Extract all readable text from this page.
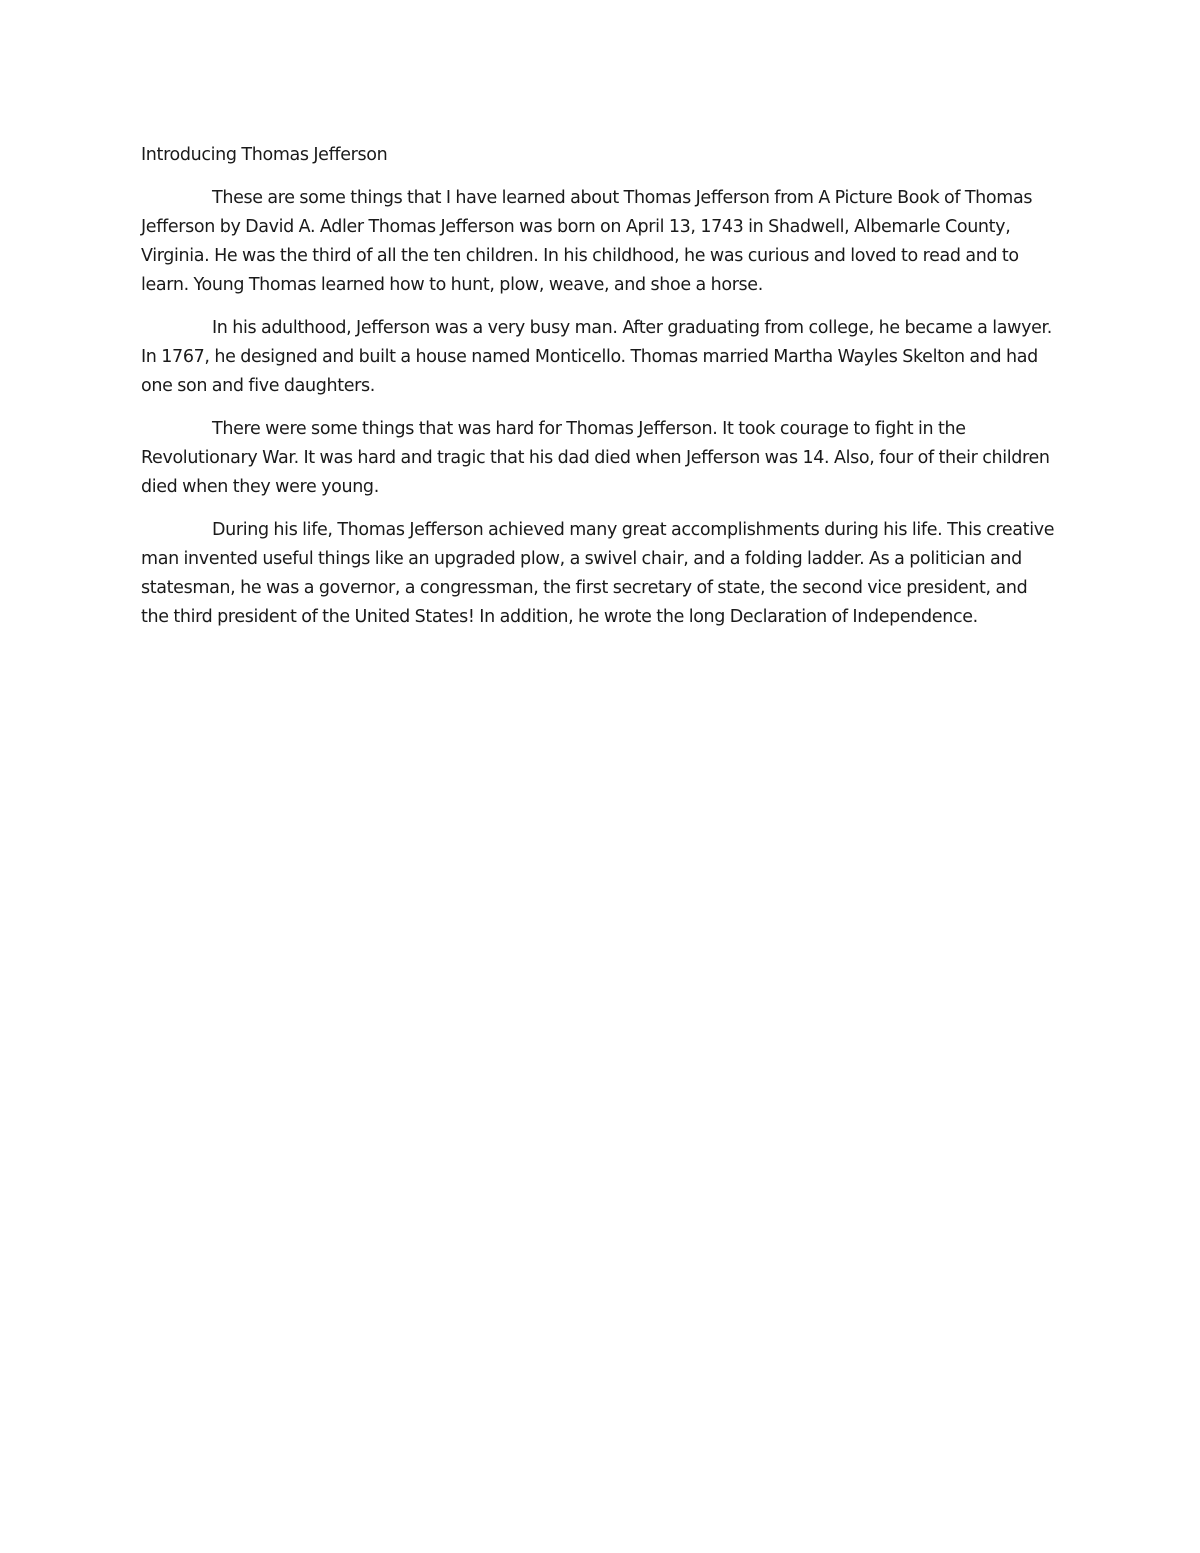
Introducing Thomas Jefferson

These are some things that I have learned about Thomas Jefferson from A Picture Book of Thomas Jefferson by David A. Adler Thomas Jefferson was born on April 13, 1743 in Shadwell, Albemarle County, Virginia. He was the third of all the ten children. In his childhood, he was curious and loved to read and to learn. Young Thomas learned how to hunt, plow, weave, and shoe a horse.

In his adulthood, Jefferson was a very busy man. After graduating from college, he became a lawyer. In 1767, he designed and built a house named Monticello. Thomas married Martha Wayles Skelton and had one son and five daughters.

There were some things that was hard for Thomas Jefferson. It took courage to fight in the Revolutionary War. It was hard and tragic that his dad died when Jefferson was 14. Also, four of their children died when they were young.

During his life, Thomas Jefferson achieved many great accomplishments during his life. This creative man invented useful things like an upgraded plow, a swivel chair, and a folding ladder. As a politician and statesman, he was a governor, a congressman, the first secretary of state, the second vice president, and the third president of the United States! In addition, he wrote the long Declaration of Independence.
